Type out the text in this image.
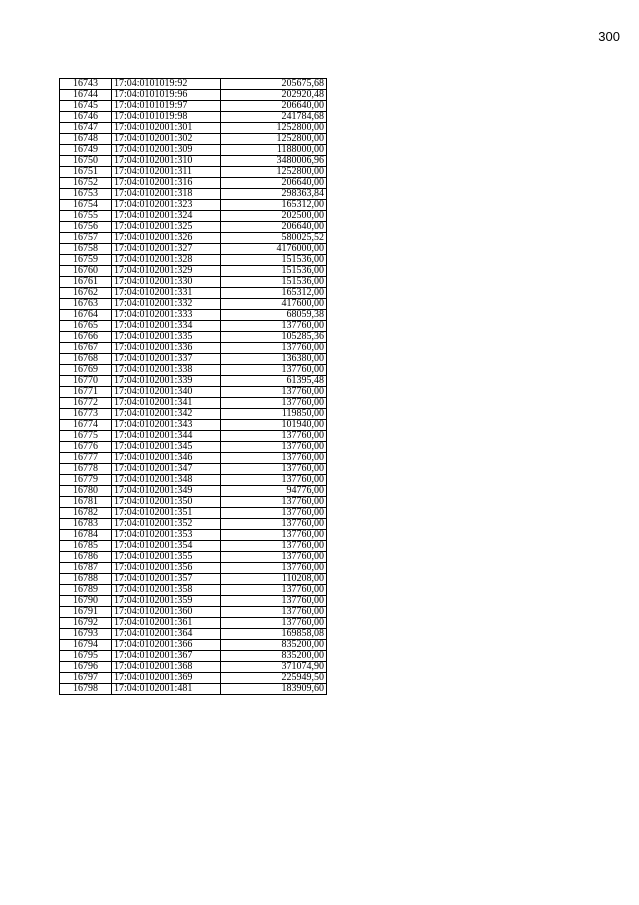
300
16743	17:04:0101019:92	205675,68
16744	17:04:0101019:96	202920,48
16745	17:04:0101019:97	206640,00
16746	17:04:0101019:98	241784,68
16747	17:04:0102001:301	1252800,00
16748	17:04:0102001:302	1252800,00
16749	17:04:0102001:309	1188000,00
16750	17:04:0102001:310	3480006,96
16751	17:04:0102001:311	1252800,00
16752	17:04:0102001:316	206640,00
16753	17:04:0102001:318	298363,84
16754	17:04:0102001:323	165312,00
16755	17:04:0102001:324	202500,00
16756	17:04:0102001:325	206640,00
16757	17:04:0102001:326	580025,52
16758	17:04:0102001:327	4176000,00
16759	17:04:0102001:328	151536,00
16760	17:04:0102001:329	151536,00
16761	17:04:0102001:330	151536,00
16762	17:04:0102001:331	165312,00
16763	17:04:0102001:332	417600,00
16764	17:04:0102001:333	68059,38
16765	17:04:0102001:334	137760,00
16766	17:04:0102001:335	105285,36
16767	17:04:0102001:336	137760,00
16768	17:04:0102001:337	136380,00
16769	17:04:0102001:338	137760,00
16770	17:04:0102001:339	61395,48
16771	17:04:0102001:340	137760,00
16772	17:04:0102001:341	137760,00
16773	17:04:0102001:342	119850,00
16774	17:04:0102001:343	101940,00
16775	17:04:0102001:344	137760,00
16776	17:04:0102001:345	137760,00
16777	17:04:0102001:346	137760,00
16778	17:04:0102001:347	137760,00
16779	17:04:0102001:348	137760,00
16780	17:04:0102001:349	94776,00
16781	17:04:0102001:350	137760,00
16782	17:04:0102001:351	137760,00
16783	17:04:0102001:352	137760,00
16784	17:04:0102001:353	137760,00
16785	17:04:0102001:354	137760,00
16786	17:04:0102001:355	137760,00
16787	17:04:0102001:356	137760,00
16788	17:04:0102001:357	110208,00
16789	17:04:0102001:358	137760,00
16790	17:04:0102001:359	137760,00
16791	17:04:0102001:360	137760,00
16792	17:04:0102001:361	137760,00
16793	17:04:0102001:364	169858,08
16794	17:04:0102001:366	835200,00
16795	17:04:0102001:367	835200,00
16796	17:04:0102001:368	371074,90
16797	17:04:0102001:369	225949,50
16798	17:04:0102001:481	183909,60
